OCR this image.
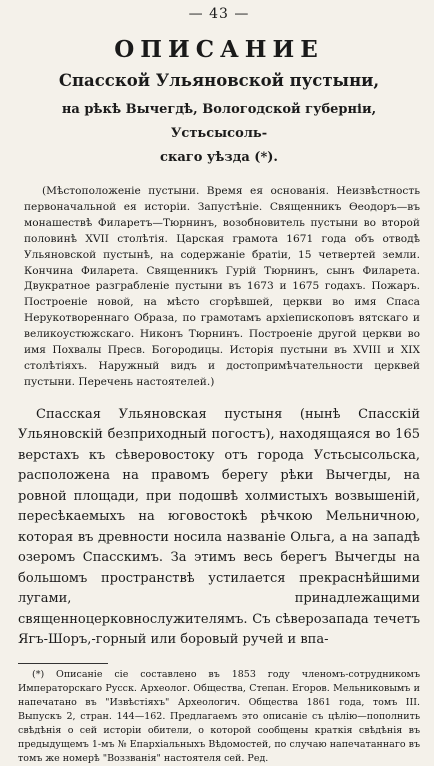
— 43 —
ОПИСАНИЕ
Спасской Ульяновской пустыни,
на рѣкѣ Вычегдѣ, Вологодской губерніи, Устьсысоль-
скаго уѣзда (*).
(Мѣстоположеніе пустыни. Время ея основанія. Неизвѣстность первоначальной ея исторіи. Запустѣніе. Священникъ Ѳеодоръ—въ монашествѣ Филаретъ—Тюрнинъ, возобновитель пустыни во второй половинѣ XVII столѣтія. Царская грамота 1671 года объ отводѣ Ульяновской пустынѣ, на содержаніе братіи, 15 четвертей земли. Кончина Филарета. Священникъ Гурій Тюрнинъ, сынъ Филарета. Двукратное разграбленіе пустыни въ 1673 и 1675 годахъ. Пожаръ. Построеніе новой, на мѣсто сгорѣвшей, церкви во имя Спаса Нерукотвореннаго Образа, по грамотамъ архіепископовъ вятскаго и великоустюжскаго. Никонъ Тюрнинъ. Построеніе другой церкви во имя Похвалы Пресв. Богородицы. Исторія пустыни въ XVIII и XIX столѣтіяхъ. Наружный видъ и достопримѣчательности церквей пустыни. Перечень настоятелей.)
Спасская Ульяновская пустыня (нынѣ Спасскій Ульяновскій безприходный погостъ), находящаяся во 165 верстахъ къ сѣверовостоку отъ города Устьсысольска, расположена на правомъ берегу рѣки Вычегды, на ровной площади, при подошвѣ холмистыхъ возвышеній, пересѣкаемыхъ на юговостокѣ рѣчкою Мельничною, которая въ древности носила названіе Ольга, а на западѣ озеромъ Спасскимъ. За этимъ весь берегъ Вычегды на большомъ пространствѣ устилается прекраснѣйшими лугами, принадлежащими священноцерковнослужителямъ. Съ сѣверозапада течетъ Ягъ-Шоръ,-горный или боровый ручей и впа-
(*) Описаніе сіе составлено въ 1853 году членомъ-сотрудникомъ Императорскаго Русск. Археолог. Общества, Степан. Егоров. Мельниковымъ и напечатано въ "Извѣстіяхъ" Археологич. Общества 1861 года, томъ III. Выпускъ 2, стран. 144—162. Предлагаемъ это описаніе съ цѣлію—пополнить свѣдѣнія о сей исторіи обители, о которой сообщены краткія свѣдѣнія въ предыдущемъ 1-мъ № Епархіальныхъ Вѣдомостей, по случаю напечатаннаго въ томъ же номерѣ "Воззванія" настоятеля сей. Ред.
